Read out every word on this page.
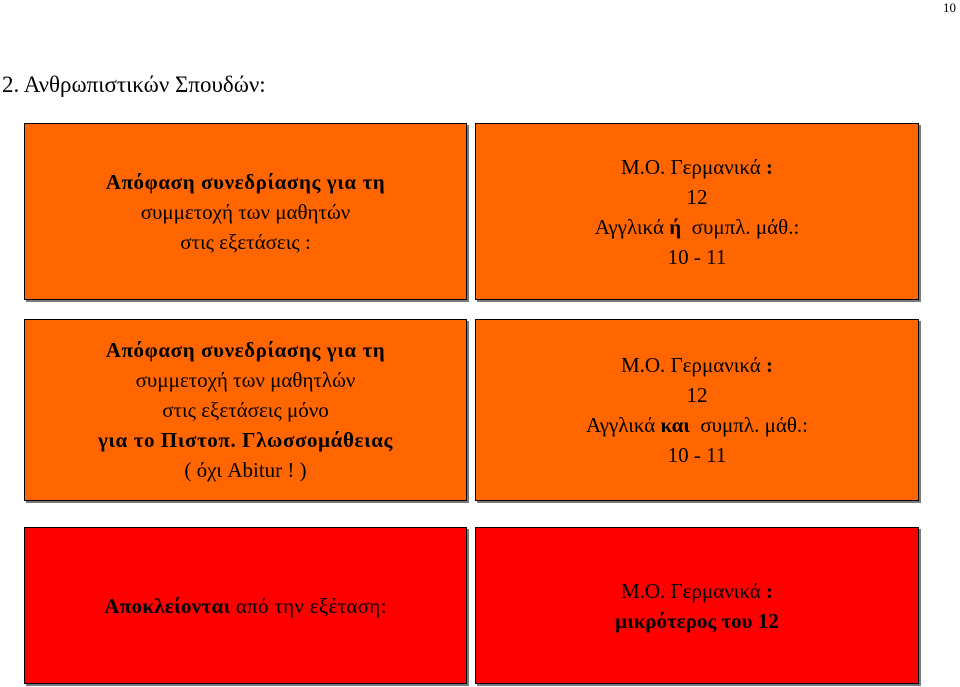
10
2. Ανθρωπιστικών Σπουδών:
Απόφαση συνεδρίασης για τη
συμμετοχή των μαθητών
στις εξετάσεις :
Μ.Ο. Γερμανικά :
12
Αγγλικά ή  συμπλ. μάθ.:
10 - 11
Απόφαση συνεδρίασης για τη
συμμετοχή των μαθητλών
στις εξετάσεις μόνο
για το Πιστοπ. Γλωσσομάθειας
( όχι Abitur ! )
Μ.Ο. Γερμανικά :
12
Αγγλικά και  συμπλ. μάθ.:
10 - 11
Αποκλείονται από την εξέταση:
Μ.Ο. Γερμανικά :
μικρότερος του 12
